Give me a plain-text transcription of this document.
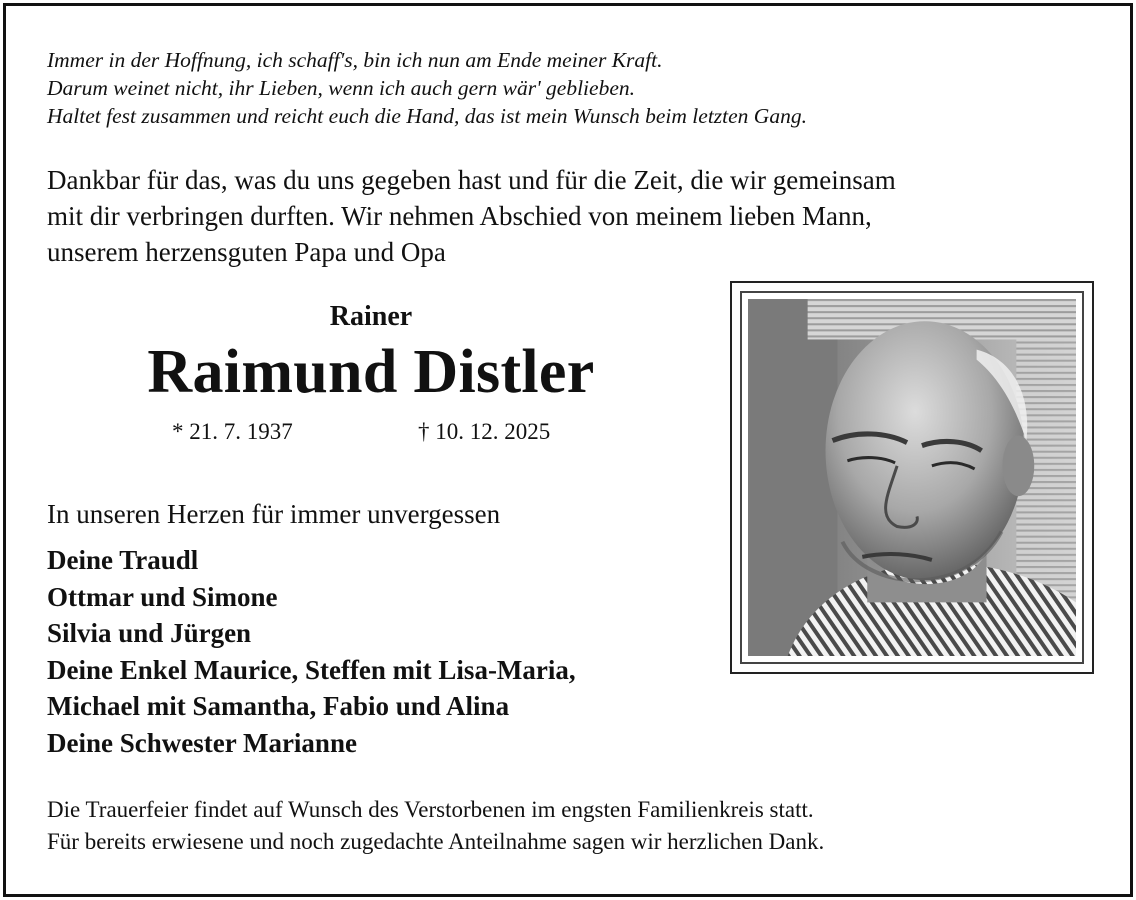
Immer in der Hoffnung, ich schaff's, bin ich nun am Ende meiner Kraft.
Darum weinet nicht, ihr Lieben, wenn ich auch gern wär' geblieben.
Haltet fest zusammen und reicht euch die Hand, das ist mein Wunsch beim letzten Gang.
Dankbar für das, was du uns gegeben hast und für die Zeit, die wir gemeinsam
mit dir verbringen durften. Wir nehmen Abschied von meinem lieben Mann,
unserem herzensguten Papa und Opa
Rainer
Raimund Distler
* 21. 7. 1937	† 10. 12. 2025
In unseren Herzen für immer unvergessen
Deine Traudl
Ottmar und Simone
Silvia und Jürgen
Deine Enkel Maurice, Steffen mit Lisa-Maria,
Michael mit Samantha, Fabio und Alina
Deine Schwester Marianne
Die Trauerfeier findet auf Wunsch des Verstorbenen im engsten Familienkreis statt.
Für bereits erwiesene und noch zugedachte Anteilnahme sagen wir herzlichen Dank.
